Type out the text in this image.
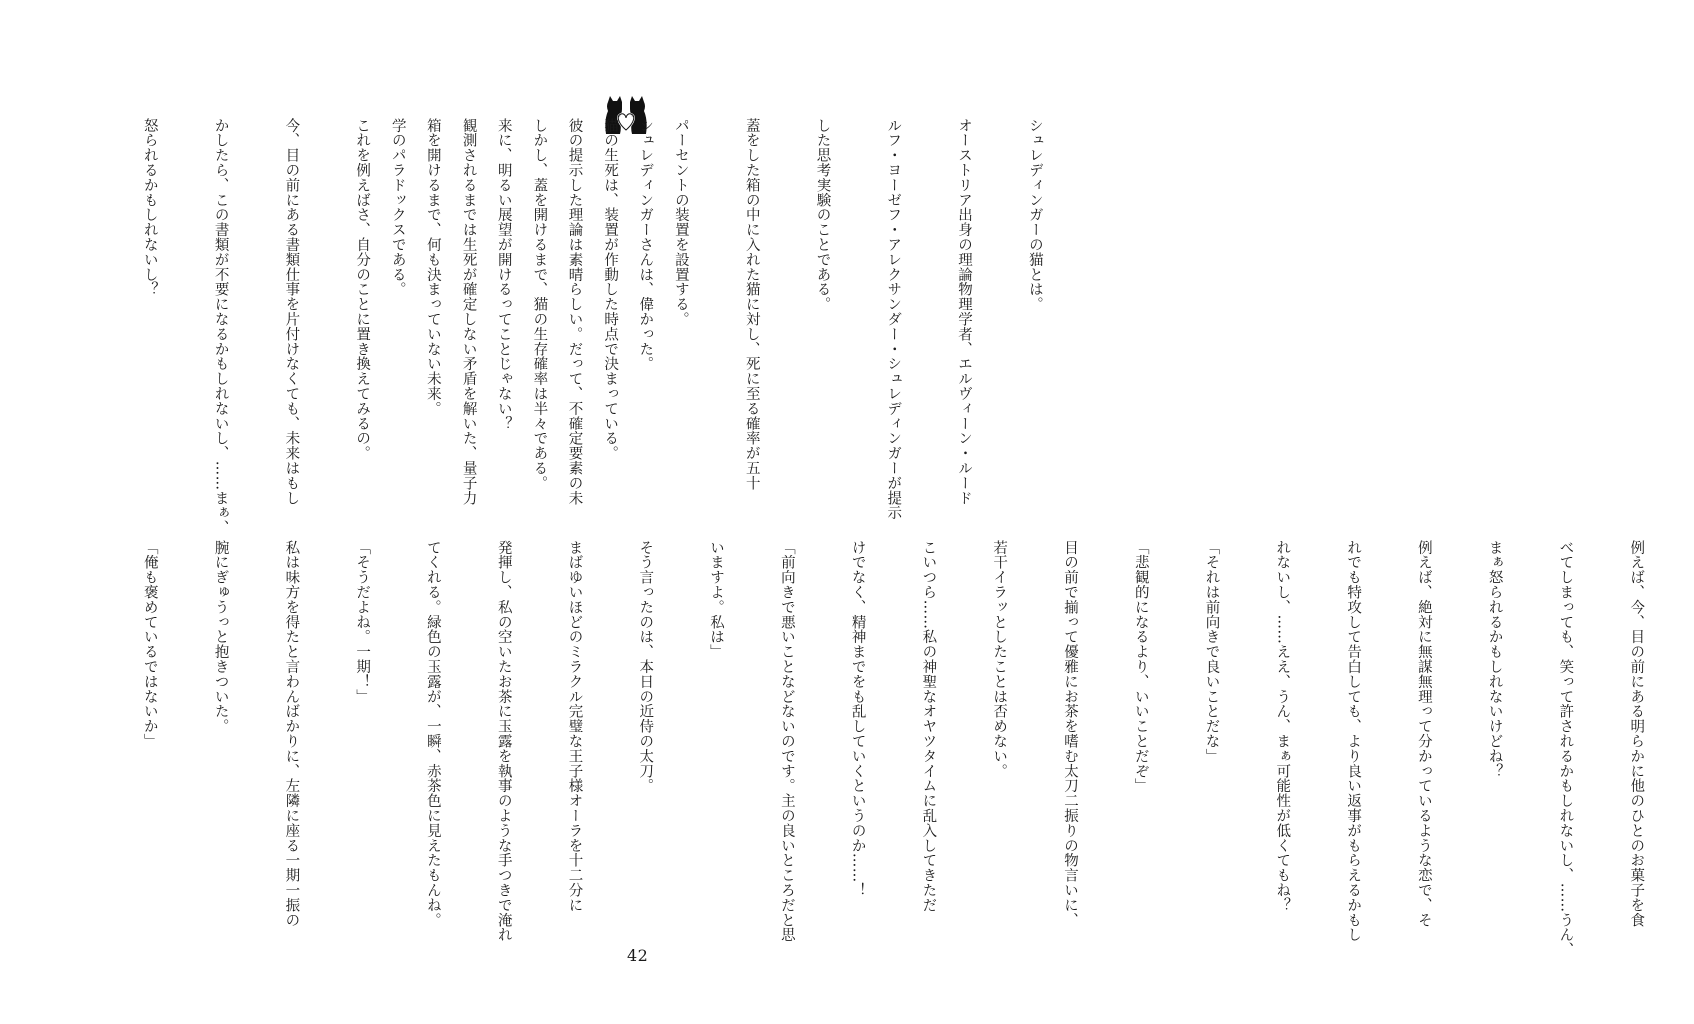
シュレディンガーの猫とは。

オーストリア出身の理論物理学者、エルヴィーン・ルード

ルフ・ヨーゼフ・アレクサンダー・シュレディンガーが提示

した思考実験のことである。

蓋をした箱の中に入れた猫に対し、死に至る確率が五十

パーセントの装置を設置する。

猫の生死は、装置が作動した時点で決まっている。

しかし、蓋を開けるまで、猫の生存確率は半々である。

観測されるまでは生死が確定しない矛盾を解いた、量子力

学のパラドックスである。

	シュレディンガーさんは、偉かった。

彼の提示した理論は素晴らしい。だって、不確定要素の未

来に、明るい展望が開けるってことじゃない？

箱を開けるまで、何も決まっていない未来。

これを例えばさ、自分のことに置き換えてみるの。

今、目の前にある書類仕事を片付けなくても、未来はもし

かしたら、この書類が不要になるかもしれないし、……まぁ、

怒られるかもしれないし？

例えば、今、目の前にある明らかに他のひとのお菓子を食

べてしまっても、笑って許されるかもしれないし、……うん、

まぁ怒られるかもしれないけどね？

例えば、絶対に無謀無理って分かっているような恋で、そ

れでも特攻して告白しても、より良い返事がもらえるかもし

れないし、……ええ、うん、まぁ可能性が低くてもね？

「それは前向きで良いことだな」

「悲観的になるより、いいことだぞ」

目の前で揃って優雅にお茶を嗜む太刀二振りの物言いに、

若干イラッとしたことは否めない。

こいつら……私の神聖なオヤツタイムに乱入してきただ

けでなく、精神までをも乱していくというのか……！

「前向きで悪いことなどないのです。主の良いところだと思

いますよ。私は」

そう言ったのは、本日の近侍の太刀。

まばゆいほどのミラクル完璧な王子様オーラを十二分に

発揮し、私の空いたお茶に玉露を執事のような手つきで淹れ

てくれる。緑色の玉露が、一瞬、赤茶色に見えたもんね。

「そうだよね。一期！」

私は味方を得たと言わんばかりに、左隣に座る一期一振の

腕にぎゅうっと抱きついた。

「俺も褒めているではないか」

42
